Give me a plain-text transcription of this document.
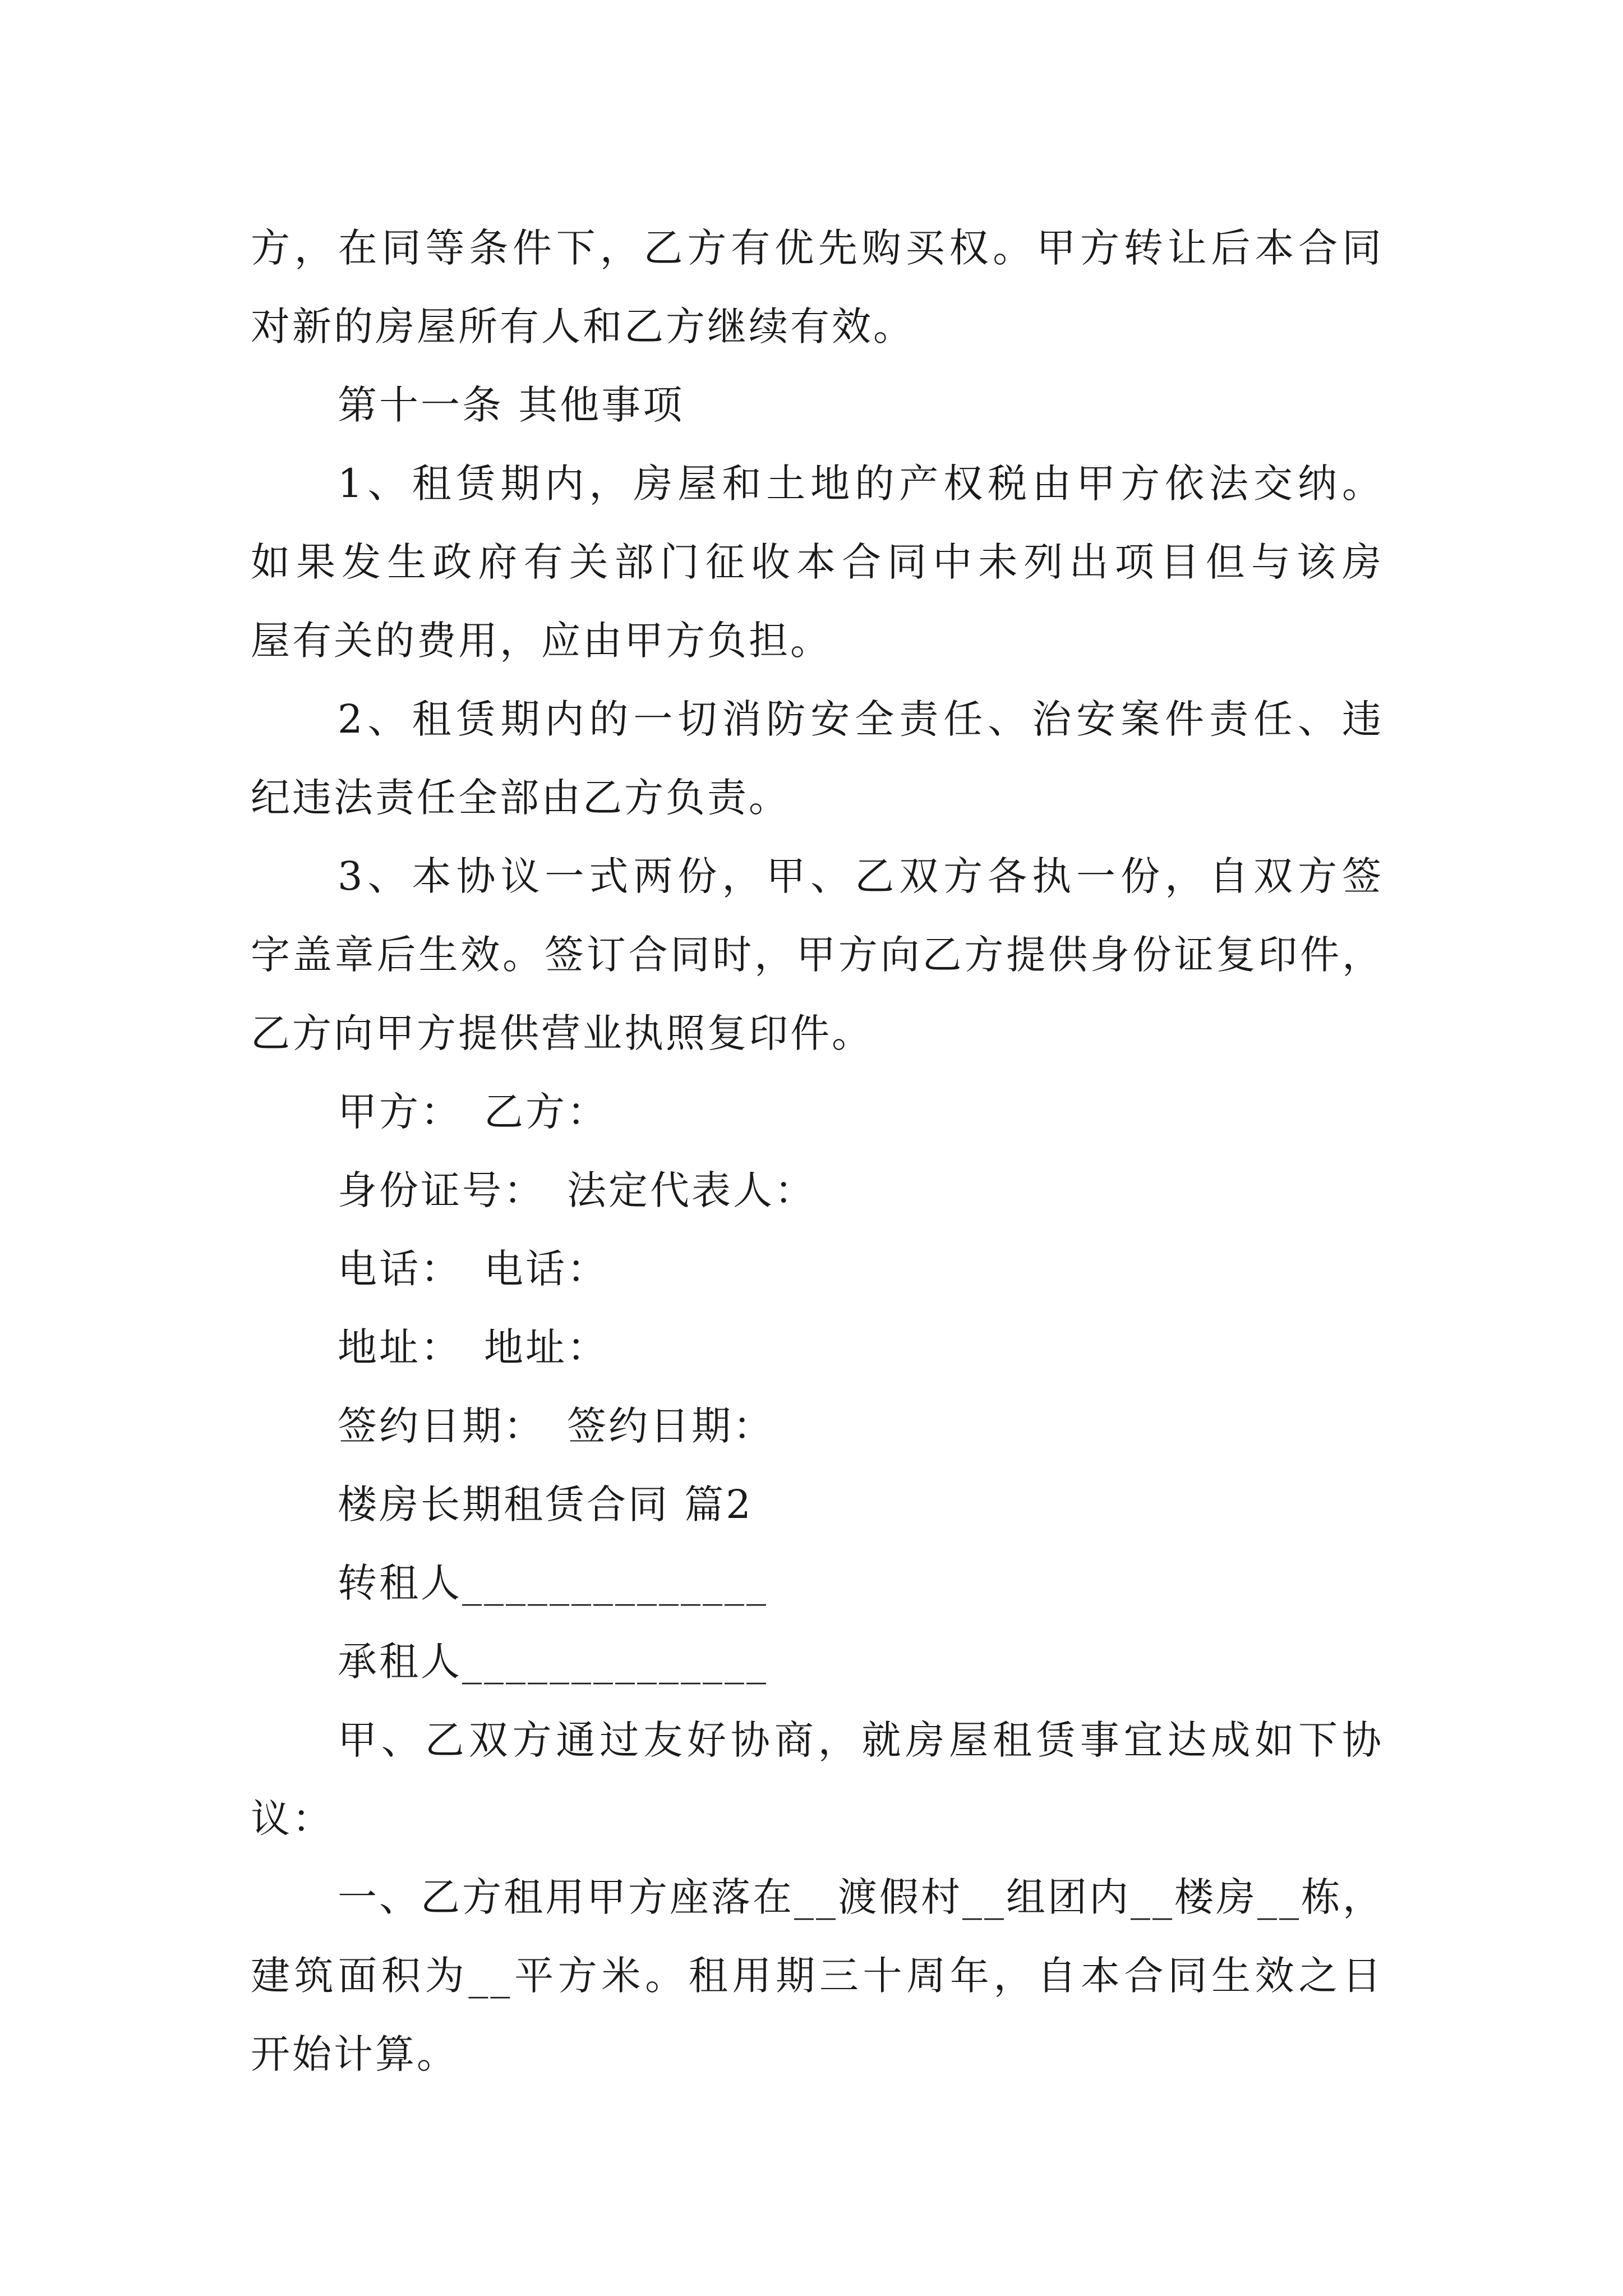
方，在同等条件下，乙方有优先购买权。甲方转让后本合同
对新的房屋所有人和乙方继续有效。
第十一条 其他事项
1、租赁期内，房屋和土地的产权税由甲方依法交纳。
如果发生政府有关部门征收本合同中未列出项目但与该房
屋有关的费用，应由甲方负担。
2、租赁期内的一切消防安全责任、治安案件责任、违
纪违法责任全部由乙方负责。
3、本协议一式两份，甲、乙双方各执一份，自双方签
字盖章后生效。签订合同时，甲方向乙方提供身份证复印件，
乙方向甲方提供营业执照复印件。
甲方：　乙方：
身份证号：　法定代表人：
电话：　电话：
地址：　地址：
签约日期：　签约日期：
楼房长期租赁合同 篇2
转租人______________
承租人______________
甲、乙双方通过友好协商，就房屋租赁事宜达成如下协
议：
一、乙方租用甲方座落在__渡假村__组团内__楼房__栋，
建筑面积为__平方米。租用期三十周年，自本合同生效之日
开始计算。
